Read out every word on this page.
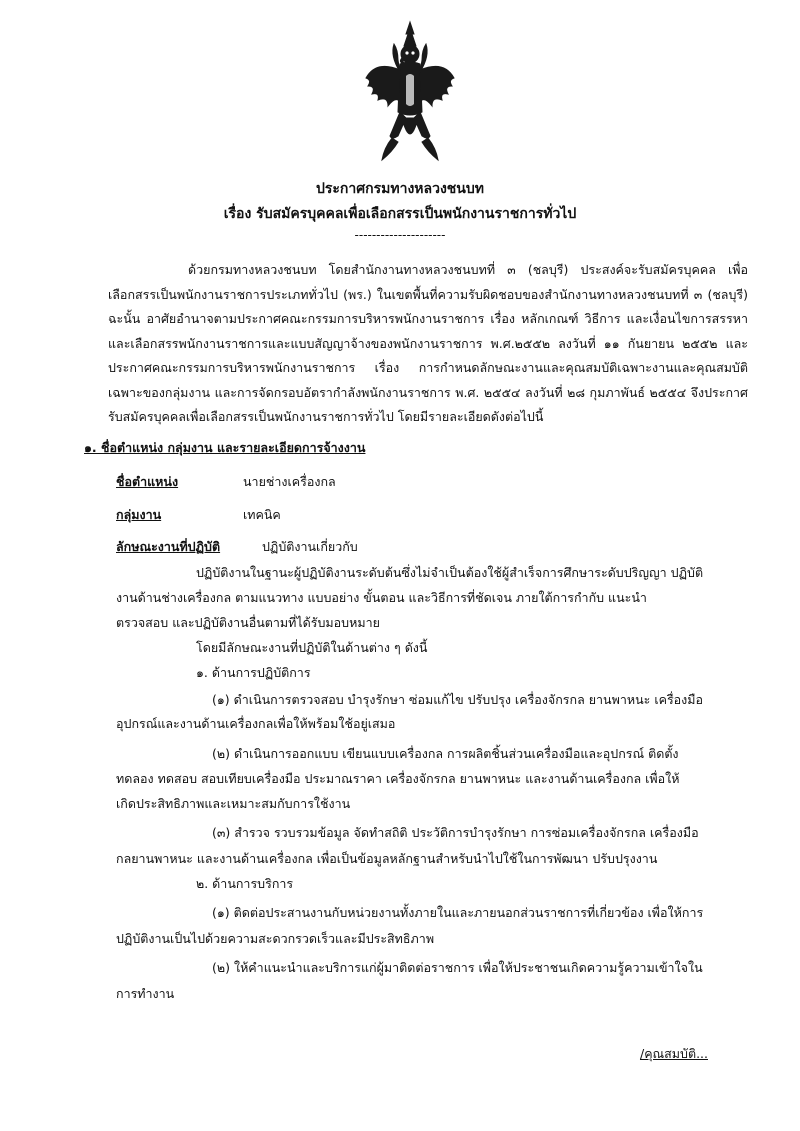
ประกาศกรมทางหลวงชนบท
เรื่อง รับสมัครบุคคลเพื่อเลือกสรรเป็นพนักงานราชการทั่วไป
---------------------

ด้วยกรมทางหลวงชนบท โดยสำนักงานทางหลวงชนบทที่ ๓ (ชลบุรี) ประสงค์จะรับสมัครบุคคล เพื่อเลือกสรรเป็นพนักงานราชการประเภททั่วไป (พร.) ในเขตพื้นที่ความรับผิดชอบของสำนักงานทางหลวงชนบทที่ ๓ (ชลบุรี) ฉะนั้น อาศัยอำนาจตามประกาศคณะกรรมการบริหารพนักงานราชการ เรื่อง หลักเกณฑ์ วิธีการ และเงื่อนไขการสรรหาและเลือกสรรพนักงานราชการและแบบสัญญาจ้างของพนักงานราชการ พ.ศ.๒๕๕๒ ลงวันที่ ๑๑ กันยายน ๒๕๕๒ และประกาศคณะกรรมการบริหารพนักงานราชการ เรื่อง การกำหนดลักษณะงานและคุณสมบัติเฉพาะงานและคุณสมบัติเฉพาะของกลุ่มงาน และการจัดกรอบอัตรากำลังพนักงานราชการ พ.ศ. ๒๕๕๔ ลงวันที่ ๒๘ กุมภาพันธ์ ๒๕๕๔ จึงประกาศรับสมัครบุคคลเพื่อเลือกสรรเป็นพนักงานราชการทั่วไป โดยมีรายละเอียดดังต่อไปนี้

๑. ชื่อตำแหน่ง กลุ่มงาน และรายละเอียดการจ้างงาน
ชื่อตำแหน่ง	นายช่างเครื่องกล
กลุ่มงาน	เทคนิค
ลักษณะงานที่ปฏิบัติ	ปฏิบัติงานเกี่ยวกับ
ปฏิบัติงานในฐานะผู้ปฏิบัติงานระดับต้นซึ่งไม่จำเป็นต้องใช้ผู้สำเร็จการศึกษาระดับปริญญา ปฏิบัติ
งานด้านช่างเครื่องกล ตามแนวทาง แบบอย่าง ขั้นตอน และวิธีการที่ชัดเจน ภายใต้การกำกับ แนะนำ
ตรวจสอบ และปฏิบัติงานอื่นตามที่ได้รับมอบหมาย
โดยมีลักษณะงานที่ปฏิบัติในด้านต่าง ๆ ดังนี้
๑. ด้านการปฏิบัติการ
(๑) ดำเนินการตรวจสอบ บำรุงรักษา ซ่อมแก้ไข ปรับปรุง เครื่องจักรกล ยานพาหนะ เครื่องมือ
อุปกรณ์และงานด้านเครื่องกลเพื่อให้พร้อมใช้อยู่เสมอ
(๒) ดำเนินการออกแบบ เขียนแบบเครื่องกล การผลิตชิ้นส่วนเครื่องมือและอุปกรณ์ ติดตั้ง
ทดลอง ทดสอบ สอบเทียบเครื่องมือ ประมาณราคา เครื่องจักรกล ยานพาหนะ และงานด้านเครื่องกล เพื่อให้
เกิดประสิทธิภาพและเหมาะสมกับการใช้งาน
(๓) สำรวจ รวบรวมข้อมูล จัดทำสถิติ ประวัติการบำรุงรักษา การซ่อมเครื่องจักรกล เครื่องมือ
กลยานพาหนะ และงานด้านเครื่องกล เพื่อเป็นข้อมูลหลักฐานสำหรับนำไปใช้ในการพัฒนา ปรับปรุงงาน
๒. ด้านการบริการ
(๑) ติดต่อประสานงานกับหน่วยงานทั้งภายในและภายนอกส่วนราชการที่เกี่ยวข้อง เพื่อให้การ
ปฏิบัติงานเป็นไปด้วยความสะดวกรวดเร็วและมีประสิทธิภาพ
(๒) ให้คำแนะนำและบริการแก่ผู้มาติดต่อราชการ เพื่อให้ประชาชนเกิดความรู้ความเข้าใจใน
การทำงาน
/คุณสมบัติ...
